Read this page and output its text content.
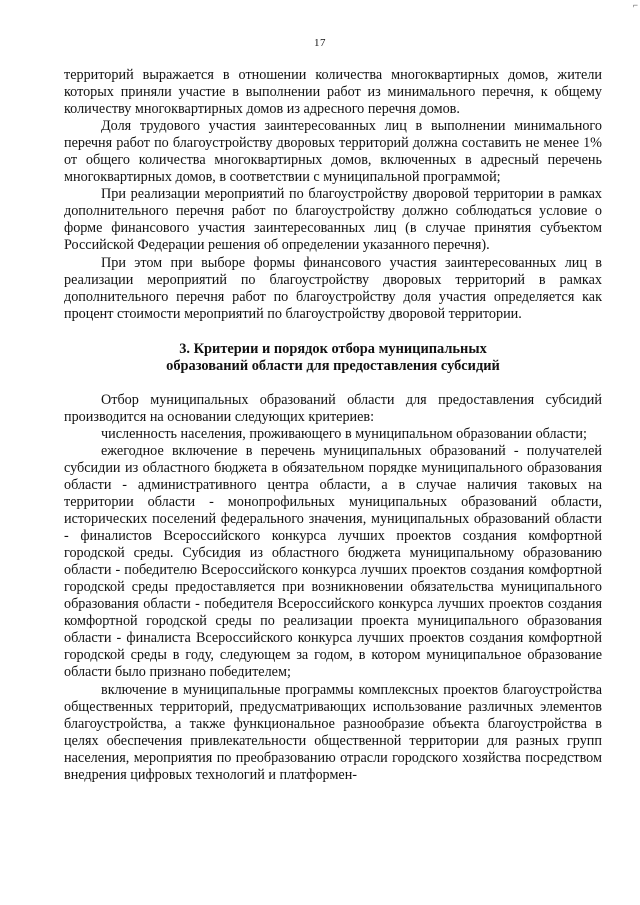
⌐
17

территорий выражается в отношении количества многоквартирных домов, жители которых приняли участие в выполнении работ из минимального перечня, к общему количеству многоквартирных домов из адресного перечня домов.

Доля трудового участия заинтересованных лиц в выполнении минимального перечня работ по благоустройству дворовых территорий должна составить не менее 1% от общего количества многоквартирных домов, включенных в адресный перечень многоквартирных домов, в соответствии с муниципальной программой;

При реализации мероприятий по благоустройству дворовой территории в рамках дополнительного перечня работ по благоустройству должно соблюдаться условие о форме финансового участия заинтересованных лиц (в случае принятия субъектом Российской Федерации решения об определении указанного перечня).

При этом при выборе формы финансового участия заинтересованных лиц в реализации мероприятий по благоустройству дворовых территорий в рамках дополнительного перечня работ по благоустройству доля участия определяется как процент стоимости мероприятий по благоустройству дворовой территории.

3. Критерии и порядок отбора муниципальных
образований области для предоставления субсидий

Отбор муниципальных образований области для предоставления субсидий производится на основании следующих критериев:

численность населения, проживающего в муниципальном образовании области;

ежегодное включение в перечень муниципальных образований - получателей субсидии из областного бюджета в обязательном порядке муниципального образования области - административного центра области, а в случае наличия таковых на территории области - монопрофильных муниципальных образований области, исторических поселений федерального значения, муниципальных образований области - финалистов Всероссийского конкурса лучших проектов создания комфортной городской среды. Субсидия из областного бюджета муниципальному образованию области - победителю Всероссийского конкурса лучших проектов создания комфортной городской среды предоставляется при возникновении обязательства муниципального образования области - победителя Всероссийского конкурса лучших проектов создания комфортной городской среды по реализации проекта муниципального образования области - финалиста Всероссийского конкурса лучших проектов создания комфортной городской среды в году, следующем за годом, в котором муниципальное образование области было признано победителем;

включение в муниципальные программы комплексных проектов благоустройства общественных территорий, предусматривающих использование различных элементов благоустройства, а также функциональное разнообразие объекта благоустройства в целях обеспечения привлекательности общественной территории для разных групп населения, мероприятия по преобразованию отрасли городского хозяйства посредством внедрения цифровых технологий и платформен-
